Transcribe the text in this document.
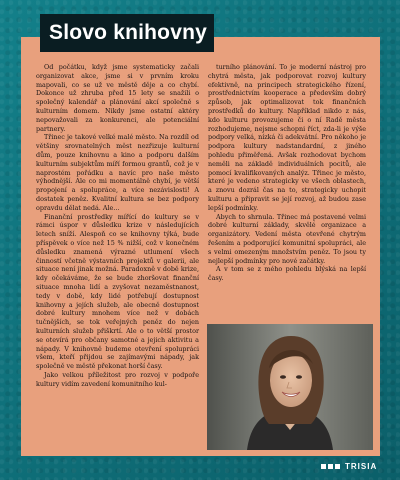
Slovo knihovny

Od počátku, když jsme systematicky začali organizovat akce, jsme si v prvním kroku mapovali, co se už ve městě děje a co chybí. Dokonce už zhruba před 15 lety se snažili o společný kalendář a plánování akcí společně s kulturním domem. Nikdy jsme ostatní aktéry nepovažovali za konkurenci, ale potenciální partnery.

Třinec je takové velké malé město. Na rozdíl od většiny srovnatelných měst nezřizuje kulturní dům, pouze knihovnu a kino a podporu dalším kulturním subjektům míří formou grantů, což je v naprostém pořádku a navíc pro naše město výhodnější. Ale co mi momentálně chybí, je větší propojení a spolupráce, a více nezávislosti! A dostatek peněz. Kvalitní kultura se bez podpory opravdu dělat nedá. Ale…

Finanční prostředky mířící do kultury se v rámci úspor v důsledku krize v následujících letech sníží. Alespoň co se knihovny týká, bude příspěvek o více než 15 % nižší, což v konečném důsledku znamená výrazné utlumení všech činností včetně výstavních projektů v galerii, ale situace není jinak možná. Paradoxně v době krize, kdy očekáváme, že se bude zhoršovat finanční situace mnoha lidí a zvyšovat nezaměstnanost, tedy v době, kdy lidé potřebují dostupnost knihovny a jejích služeb, ale obecně dostupnost dobré kultury mnohem více než v dobách tučnějších, se tok veřejných peněz do nejen kulturních služeb přiškrtí. Ale o to větší prostor se otevírá pro občany samotné a jejich aktivitu a nápady. V knihovně budeme otevření spolupráci všem, kteří přijdou se zajímavými nápady, jak společně ve městě překonat horší časy.

Jako velkou příležitost pro rozvoj v podpoře kultury vidím zavedení komunitního kul-

turního plánování. To je moderní nástroj pro chytrá města, jak podporovat rozvoj kultury efektivně, na principech strategického řízení, prostřednictvím kooperace a především dobrý způsob, jak optimalizovat tok finančních prostředků do kultury. Například nikdo z nás, kdo kulturu provozujeme či o ní Radě města rozhodujeme, nejsme schopni říct, zda-li je výše podpory velká, nízká či adekvátní. Pro někoho je podpora kultury nadstandardní, z jiného pohledu přiměřená. Avšak rozhodovat bychom neměli na základě individuálních pocitů, ale pomocí kvalifikovaných analýz. Třinec je město, které je vedeno strategicky ve všech oblastech, a znovu dozrál čas na to, strategicky uchopit kulturu a připravit se její rozvoj, až budou zase lepší podmínky.

Abych to shrnula. Třinec má postavené velmi dobré kulturní základy, skvělé organizace a organizátory. Vedení města otevřené chytrým řešením a podporující komunitní spolupráci, ale s velmi omezeným množstvím peněz. To jsou ty nejlepší podmínky pro nové začátky.

A v tom se z mého pohledu blýská na lepší časy.

TRISIA
